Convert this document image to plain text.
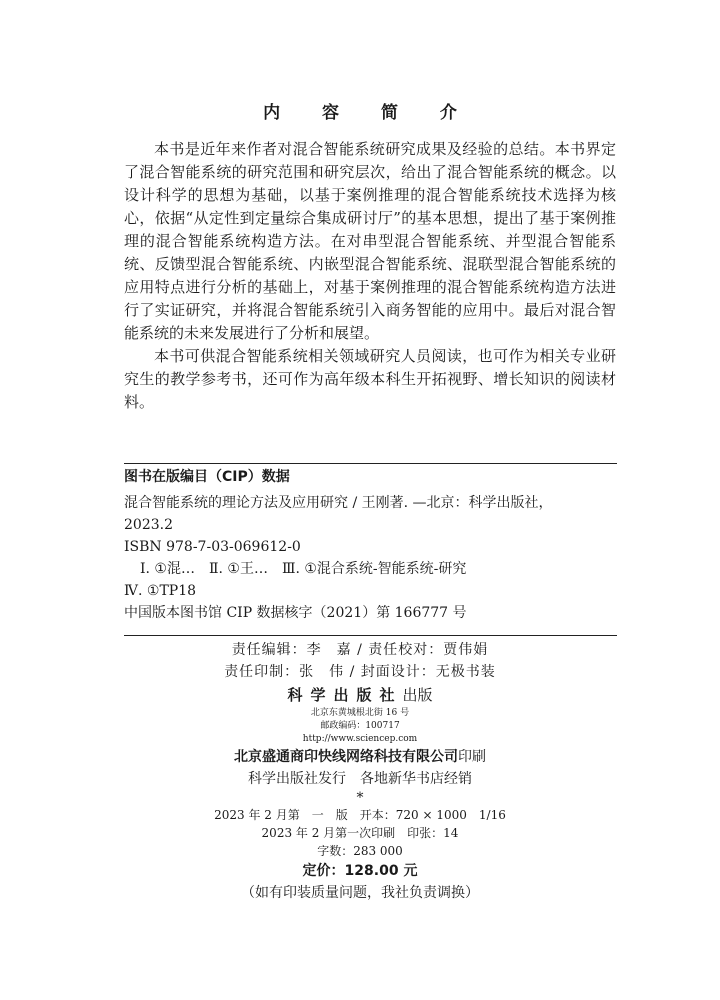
内 容 简 介

本书是近年来作者对混合智能系统研究成果及经验的总结。本书界定了混合智能系统的研究范围和研究层次，给出了混合智能系统的概念。以设计科学的思想为基础，以基于案例推理的混合智能系统技术选择为核心，依据“从定性到定量综合集成研讨厅”的基本思想，提出了基于案例推理的混合智能系统构造方法。在对串型混合智能系统、并型混合智能系统、反馈型混合智能系统、内嵌型混合智能系统、混联型混合智能系统的应用特点进行分析的基础上，对基于案例推理的混合智能系统构造方法进行了实证研究，并将混合智能系统引入商务智能的应用中。最后对混合智能系统的未来发展进行了分析和展望。

本书可供混合智能系统相关领域研究人员阅读，也可作为相关专业研究生的教学参考书，还可作为高年级本科生开拓视野、增长知识的阅读材料。

图书在版编目（CIP）数据

混合智能系统的理论方法及应用研究 / 王刚著. —北京：科学出版社，

2023.2

ISBN 978-7-03-069612-0

Ⅰ. ①混…　Ⅱ. ①王…　Ⅲ. ①混合系统-智能系统-研究

Ⅳ. ①TP18

中国版本图书馆 CIP 数据核字（2021）第 166777 号

责任编辑：李　嘉 / 责任校对：贾伟娟

责任印制：张　伟 / 封面设计：无极书装

科学出版社出版

北京东黄城根北街 16 号

邮政编码：100717

http://www.sciencep.com

北京盛通商印快线网络科技有限公司印刷

科学出版社发行　各地新华书店经销

*

2023 年 2 月第　一　版　开本：720 × 1000　1/16

2023 年 2 月第一次印刷　印张：14

字数：283 000

定价：128.00 元

（如有印装质量问题，我社负责调换）
